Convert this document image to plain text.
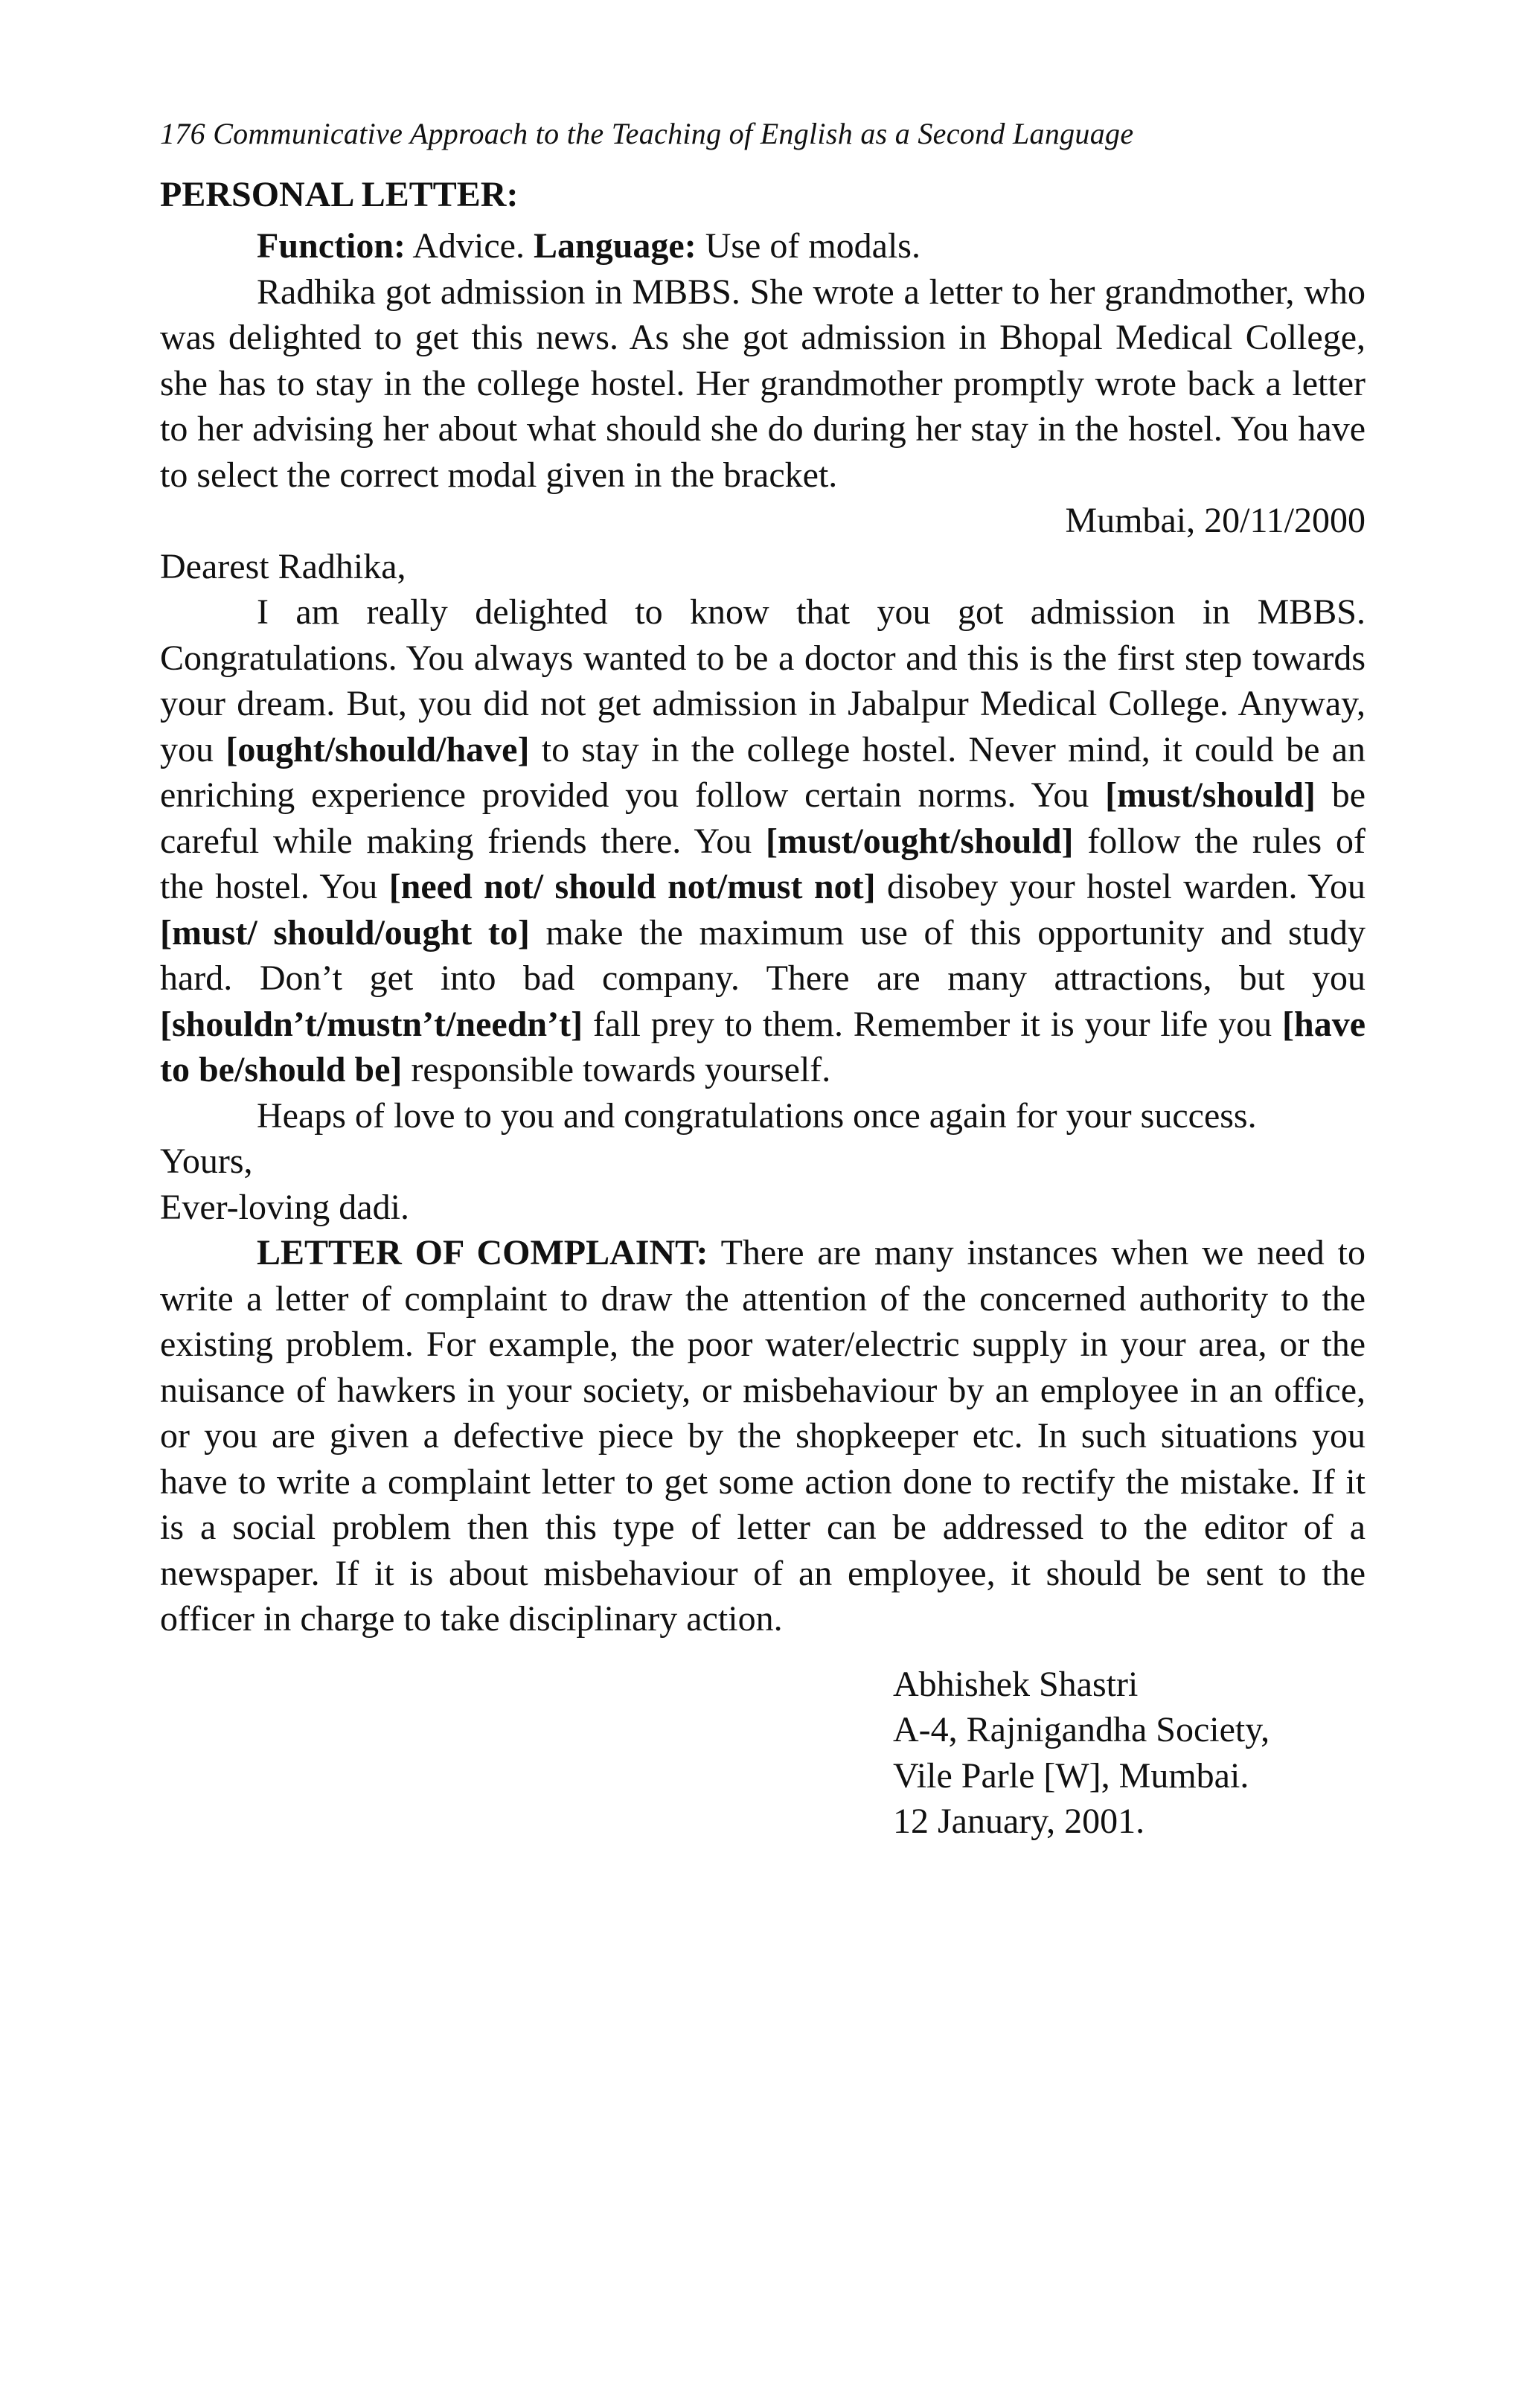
176 Communicative Approach to the Teaching of English as a Second Language
PERSONAL LETTER:

Function: Advice. Language: Use of modals.

Radhika got admission in MBBS. She wrote a letter to her grandmother, who was delighted to get this news. As she got admission in Bhopal Medical College, she has to stay in the college hostel. Her grandmother promptly wrote back a letter to her advising her about what should she do during her stay in the hostel. You have to select the correct modal given in the bracket.

Mumbai, 20/11/2000

Dearest Radhika,

I am really delighted to know that you got admission in MBBS. Congratulations. You always wanted to be a doctor and this is the first step towards your dream. But, you did not get admission in Jabalpur Medical College. Anyway, you [ought/should/have] to stay in the college hostel. Never mind, it could be an enriching experience provided you follow certain norms. You [must/should] be careful while making friends there. You [must/ought/should] follow the rules of the hostel. You [need not/ should not/must not] disobey your hostel warden. You [must/ should/ought to] make the maximum use of this opportunity and study hard. Don’t get into bad company. There are many attractions, but you [shouldn’t/mustn’t/needn’t] fall prey to them. Remember it is your life you [have to be/should be] responsible towards yourself.

Heaps of love to you and congratulations once again for your success.

Yours,

Ever-loving dadi.

LETTER OF COMPLAINT: There are many instances when we need to write a letter of complaint to draw the attention of the concerned authority to the existing problem. For example, the poor water/electric supply in your area, or the nuisance of hawkers in your society, or misbehaviour by an employee in an office, or you are given a defective piece by the shopkeeper etc. In such situations you have to write a complaint letter to get some action done to rectify the mistake. If it is a social problem then this type of letter can be addressed to the editor of a newspaper. If it is about misbehaviour of an employee, it should be sent to the officer in charge to take disciplinary action.

Abhishek Shastri
A-4, Rajnigandha Society,
Vile Parle [W], Mumbai.
12 January, 2001.
